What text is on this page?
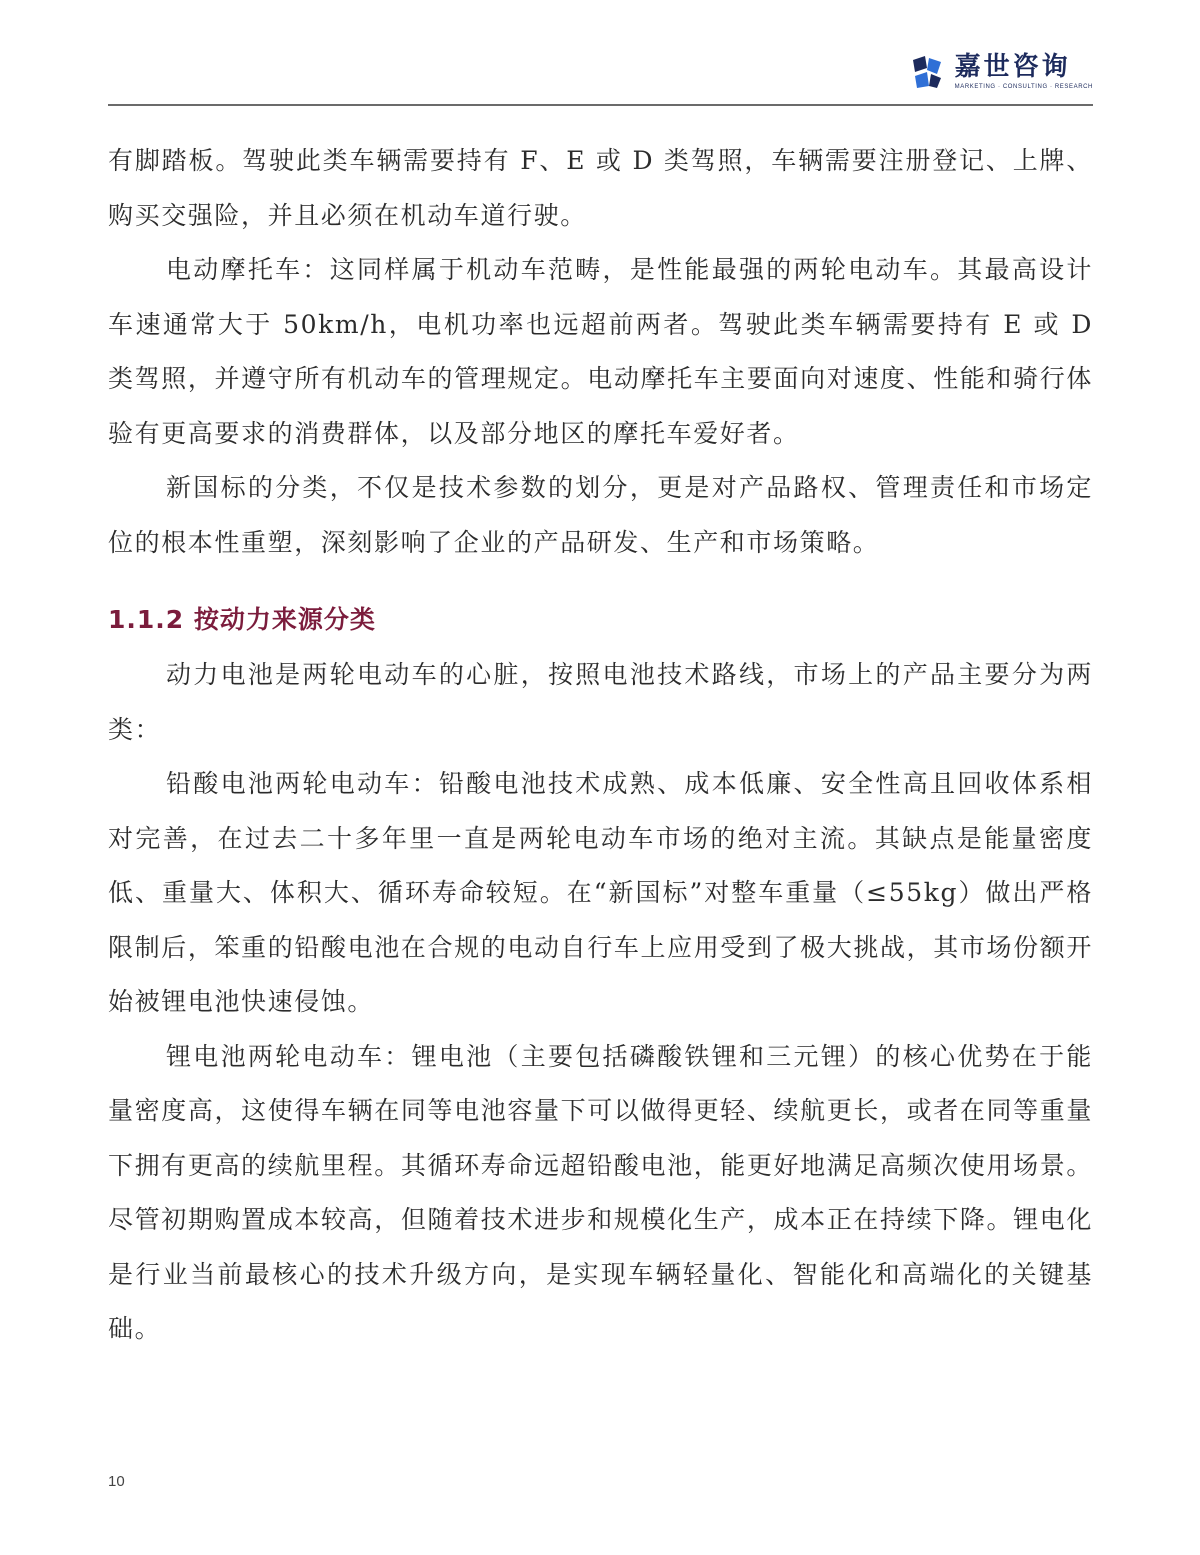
嘉世咨询
MARKETING · CONSULTING · RESEARCH

有脚踏板。驾驶此类车辆需要持有 F、E 或 D 类驾照，车辆需要注册登记、上牌、购买交强险，并且必须在机动车道行驶。

电动摩托车：这同样属于机动车范畴，是性能最强的两轮电动车。其最高设计车速通常大于 50km/h，电机功率也远超前两者。驾驶此类车辆需要持有 E 或 D 类驾照，并遵守所有机动车的管理规定。电动摩托车主要面向对速度、性能和骑行体验有更高要求的消费群体，以及部分地区的摩托车爱好者。

新国标的分类，不仅是技术参数的划分，更是对产品路权、管理责任和市场定位的根本性重塑，深刻影响了企业的产品研发、生产和市场策略。

1.1.2 按动力来源分类

动力电池是两轮电动车的心脏，按照电池技术路线，市场上的产品主要分为两类：

铅酸电池两轮电动车：铅酸电池技术成熟、成本低廉、安全性高且回收体系相对完善，在过去二十多年里一直是两轮电动车市场的绝对主流。其缺点是能量密度低、重量大、体积大、循环寿命较短。在“新国标”对整车重量（≤55kg）做出严格限制后，笨重的铅酸电池在合规的电动自行车上应用受到了极大挑战，其市场份额开始被锂电池快速侵蚀。

锂电池两轮电动车：锂电池（主要包括磷酸铁锂和三元锂）的核心优势在于能量密度高，这使得车辆在同等电池容量下可以做得更轻、续航更长，或者在同等重量下拥有更高的续航里程。其循环寿命远超铅酸电池，能更好地满足高频次使用场景。尽管初期购置成本较高，但随着技术进步和规模化生产，成本正在持续下降。锂电化是行业当前最核心的技术升级方向，是实现车辆轻量化、智能化和高端化的关键基础。

10
